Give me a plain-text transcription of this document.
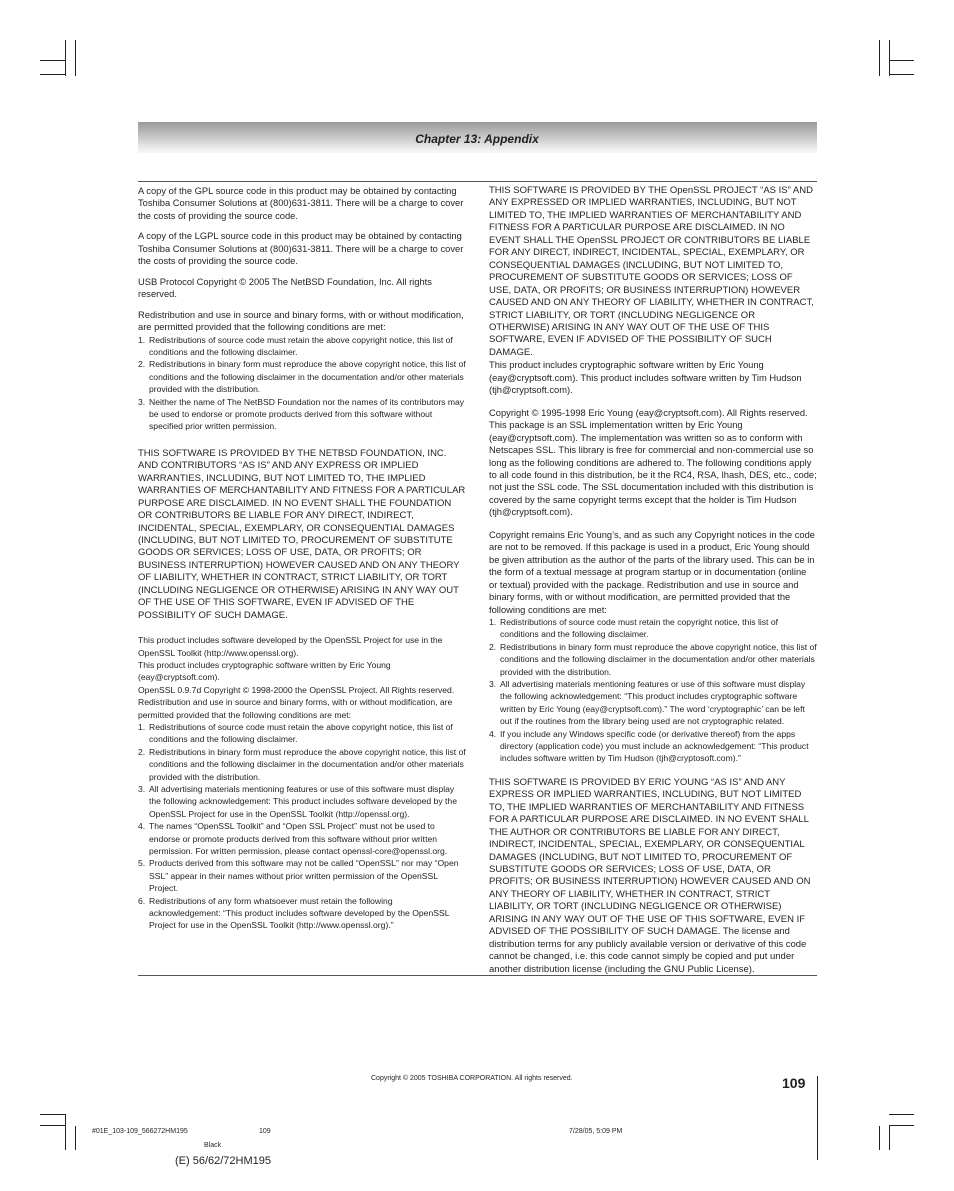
Chapter 13: Appendix

A copy of the GPL source code in this product may be obtained by contacting Toshiba Consumer Solutions at (800)631-3811. There will be a charge to cover the costs of providing the source code.

A copy of the LGPL source code in this product may be obtained by contacting Toshiba Consumer Solutions at (800)631-3811. There will be a charge to cover the costs of providing the source code.

USB Protocol Copyright © 2005 The NetBSD Foundation, Inc. All rights reserved.

Redistribution and use in source and binary forms, with or without modification, are permitted provided that the following conditions are met:

1. Redistributions of source code must retain the above copyright notice, this list of conditions and the following disclaimer.
2. Redistributions in binary form must reproduce the above copyright notice, this list of conditions and the following disclaimer in the documentation and/or other materials provided with the distribution.
3. Neither the name of The NetBSD Foundation nor the names of its contributors may be used to endorse or promote products derived from this software without specified prior written permission.

THIS SOFTWARE IS PROVIDED BY THE NETBSD FOUNDATION, INC. AND CONTRIBUTORS “AS IS” AND ANY EXPRESS OR IMPLIED WARRANTIES, INCLUDING, BUT NOT LIMITED TO, THE IMPLIED WARRANTIES OF MERCHANTABILITY AND FITNESS FOR A PARTICULAR PURPOSE ARE DISCLAIMED. IN NO EVENT SHALL THE FOUNDATION OR CONTRIBUTORS BE LIABLE FOR ANY DIRECT, INDIRECT, INCIDENTAL, SPECIAL, EXEMPLARY, OR CONSEQUENTIAL DAMAGES (INCLUDING, BUT NOT LIMITED TO, PROCUREMENT OF SUBSTITUTE GOODS OR SERVICES; LOSS OF USE, DATA, OR PROFITS; OR BUSINESS INTERRUPTION) HOWEVER CAUSED AND ON ANY THEORY OF LIABILITY, WHETHER IN CONTRACT, STRICT LIABILITY, OR TORT (INCLUDING NEGLIGENCE OR OTHERWISE) ARISING IN ANY WAY OUT OF THE USE OF THIS SOFTWARE, EVEN IF ADVISED OF THE POSSIBILITY OF SUCH DAMAGE.

This product includes software developed by the OpenSSL Project for use in the OpenSSL Toolkit (http://www.openssl.org).
This product includes cryptographic software written by Eric Young (eay@cryptsoft.com).
OpenSSL 0.9.7d Copyright © 1998-2000 the OpenSSL Project. All Rights reserved. Redistribution and use in source and binary forms, with or without modification, are permitted provided that the following conditions are met:
1. Redistributions of source code must retain the above copyright notice, this list of conditions and the following disclaimer.
2. Redistributions in binary form must reproduce the above copyright notice, this list of conditions and the following disclaimer in the documentation and/or other materials provided with the distribution.
3. All advertising materials mentioning features or use of this software must display the following acknowledgement: This product includes software developed by the OpenSSL Project for use in the OpenSSL Toolkit (http://openssl.org).
4. The names “OpenSSL Toolkit” and “Open SSL Project” must not be used to endorse or promote products derived from this software without prior written permission. For written permission, please contact openssl-core@openssl.org.
5. Products derived from this software may not be called “OpenSSL” nor may “Open SSL” appear in their names without prior written permission of the OpenSSL Project.
6. Redistributions of any form whatsoever must retain the following acknowledgement: “This product includes software developed by the OpenSSL Project for use in the OpenSSL Toolkit (http://www.openssl.org).”

THIS SOFTWARE IS PROVIDED BY THE OpenSSL PROJECT “AS IS” AND ANY EXPRESSED OR IMPLIED WARRANTIES, INCLUDING, BUT NOT LIMITED TO, THE IMPLIED WARRANTIES OF MERCHANTABILITY AND FITNESS FOR A PARTICULAR PURPOSE ARE DISCLAIMED. IN NO EVENT SHALL THE OpenSSL PROJECT OR CONTRIBUTORS BE LIABLE FOR ANY DIRECT, INDIRECT, INCIDENTAL, SPECIAL, EXEMPLARY, OR CONSEQUENTIAL DAMAGES (INCLUDING, BUT NOT LIMITED TO, PROCUREMENT OF SUBSTITUTE GOODS OR SERVICES; LOSS OF USE, DATA, OR PROFITS; OR BUSINESS INTERRUPTION) HOWEVER CAUSED AND ON ANY THEORY OF LIABILITY, WHETHER IN CONTRACT, STRICT LIABILITY, OR TORT (INCLUDING NEGLIGENCE OR OTHERWISE) ARISING IN ANY WAY OUT OF THE USE OF THIS SOFTWARE, EVEN IF ADVISED OF THE POSSIBILITY OF SUCH DAMAGE.

This product includes cryptographic software written by Eric Young (eay@cryptsoft.com). This product includes software written by Tim Hudson (tjh@cryptsoft.com).

Copyright © 1995-1998 Eric Young (eay@cryptsoft.com). All Rights reserved. This package is an SSL implementation written by Eric Young (eay@cryptsoft.com). The implementation was written so as to conform with Netscapes SSL. This library is free for commercial and non-commercial use so long as the following conditions are adhered to. The following conditions apply to all code found in this distribution, be it the RC4, RSA, lhash, DES, etc., code; not just the SSL code. The SSL documentation included with this distribution is covered by the same copyright terms except that the holder is Tim Hudson (tjh@cryptsoft.com).

Copyright remains Eric Young’s, and as such any Copyright notices in the code are not to be removed. If this package is used in a product, Eric Young should be given attribution as the author of the parts of the library used. This can be in the form of a textual message at program startup or in documentation (online or textual) provided with the package. Redistribution and use in source and binary forms, with or without modification, are permitted provided that the following conditions are met:

1. Redistributions of source code must retain the copyright notice, this list of conditions and the following disclaimer.
2. Redistributions in binary form must reproduce the above copyright notice, this list of conditions and the following disclaimer in the documentation and/or other materials provided with the distribution.
3. All advertising materials mentioning features or use of this software must display the following acknowledgement: “This product includes cryptographic software written by Eric Young (eay@cryptsoft.com).” The word ‘cryptographic’ can be left out if the routines from the library being used are not cryptographic related.
4. If you include any Windows specific code (or derivative thereof) from the apps directory (application code) you must include an acknowledgement: “This product includes software written by Tim Hudson (tjh@cryptosoft.com).”

THIS SOFTWARE IS PROVIDED BY ERIC YOUNG “AS IS” AND ANY EXPRESS OR IMPLIED WARRANTIES, INCLUDING, BUT NOT LIMITED TO, THE IMPLIED WARRANTIES OF MERCHANTABILITY AND FITNESS FOR A PARTICULAR PURPOSE ARE DISCLAIMED. IN NO EVENT SHALL THE AUTHOR OR CONTRIBUTORS BE LIABLE FOR ANY DIRECT, INDIRECT, INCIDENTAL, SPECIAL, EXEMPLARY, OR CONSEQUENTIAL DAMAGES (INCLUDING, BUT NOT LIMITED TO, PROCUREMENT OF SUBSTITUTE GOODS OR SERVICES; LOSS OF USE, DATA, OR PROFITS; OR BUSINESS INTERRUPTION) HOWEVER CAUSED AND ON ANY THEORY OF LIABILITY, WHETHER IN CONTRACT, STRICT LIABILITY, OR TORT (INCLUDING NEGLIGENCE OR OTHERWISE) ARISING IN ANY WAY OUT OF THE USE OF THIS SOFTWARE, EVEN IF ADVISED OF THE POSSIBILITY OF SUCH DAMAGE. The license and distribution terms for any publicly available version or derivative of this code cannot be changed, i.e. this code cannot simply be copied and put under another distribution license (including the GNU Public License).

Copyright © 2005 TOSHIBA CORPORATION. All rights reserved.	109
#01E_103-109_566272HM195	109	7/28/05, 5:09 PM
Black
(E) 56/62/72HM195
